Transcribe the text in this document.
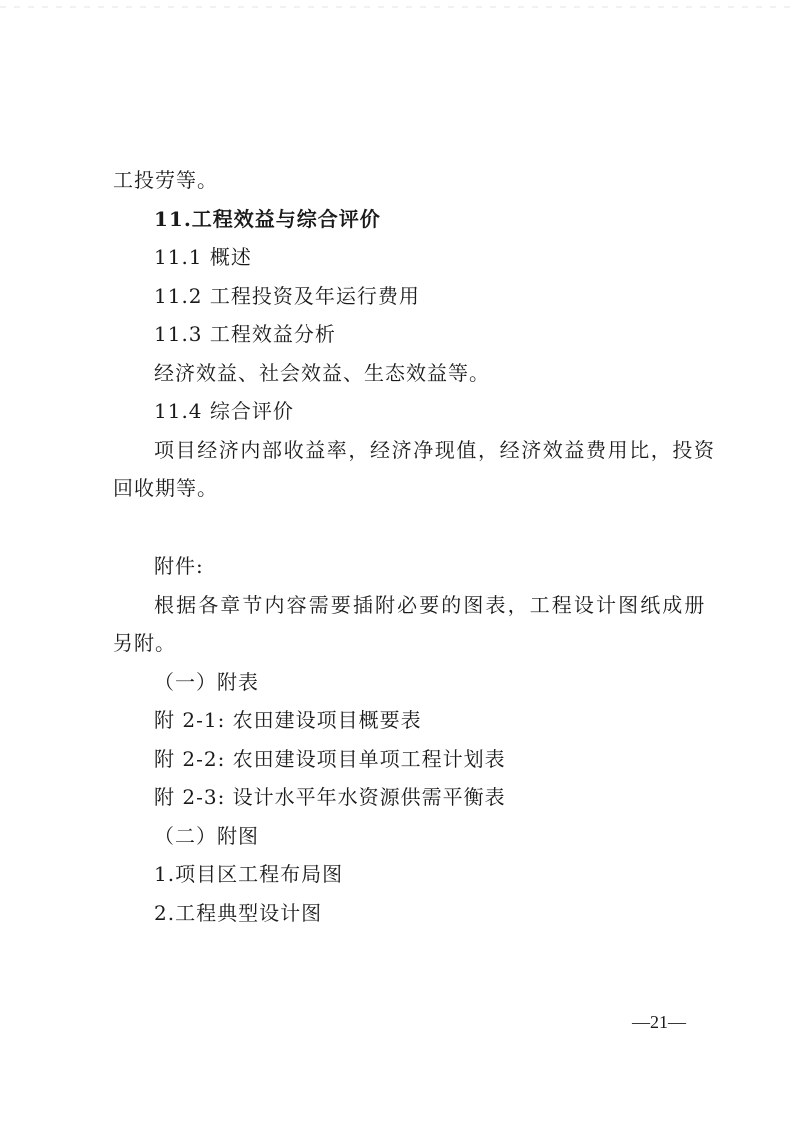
工投劳等。
11.工程效益与综合评价
11.1 概述
11.2 工程投资及年运行费用
11.3 工程效益分析
经济效益、社会效益、生态效益等。
11.4 综合评价
项目经济内部收益率，经济净现值，经济效益费用比，投资
回收期等。
附件:
根据各章节内容需要插附必要的图表，工程设计图纸成册
另附。
（一）附表
附 2-1: 农田建设项目概要表
附 2-2: 农田建设项目单项工程计划表
附 2-3: 设计水平年水资源供需平衡表
（二）附图
1.项目区工程布局图
2.工程典型设计图
—21—
